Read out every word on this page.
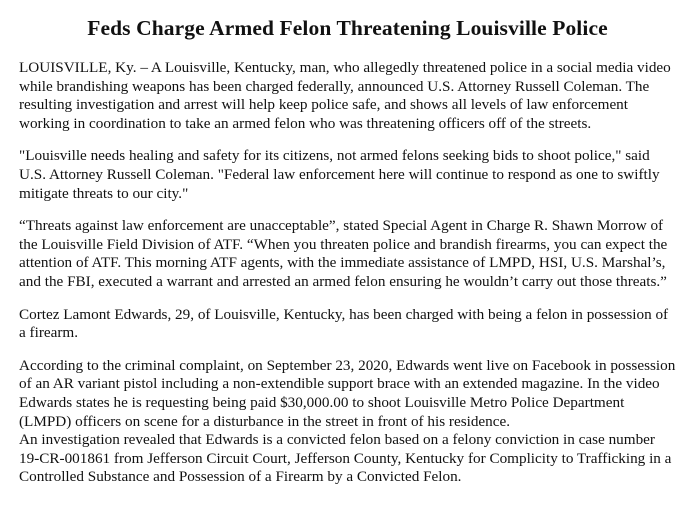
Feds Charge Armed Felon Threatening Louisville Police

LOUISVILLE, Ky. – A Louisville, Kentucky, man, who allegedly threatened police in a social media video while brandishing weapons has been charged federally, announced U.S. Attorney Russell Coleman. The resulting investigation and arrest will help keep police safe, and shows all levels of law enforcement working in coordination to take an armed felon who was threatening officers off of the streets.

"Louisville needs healing and safety for its citizens, not armed felons seeking bids to shoot police," said U.S. Attorney Russell Coleman. "Federal law enforcement here will continue to respond as one to swiftly mitigate threats to our city."

“Threats against law enforcement are unacceptable”, stated Special Agent in Charge R. Shawn Morrow of the Louisville Field Division of ATF. “When you threaten police and brandish firearms, you can expect the attention of ATF. This morning ATF agents, with the immediate assistance of LMPD, HSI, U.S. Marshal’s, and the FBI, executed a warrant and arrested an armed felon ensuring he wouldn’t carry out those threats.”

Cortez Lamont Edwards, 29, of Louisville, Kentucky, has been charged with being a felon in possession of a firearm.

According to the criminal complaint, on September 23, 2020, Edwards went live on Facebook in possession of an AR variant pistol including a non-extendible support brace with an extended magazine. In the video Edwards states he is requesting being paid $30,000.00 to shoot Louisville Metro Police Department (LMPD) officers on scene for a disturbance in the street in front of his residence.
An investigation revealed that Edwards is a convicted felon based on a felony conviction in case number 19-CR-001861 from Jefferson Circuit Court, Jefferson County, Kentucky for Complicity to Trafficking in a Controlled Substance and Possession of a Firearm by a Convicted Felon.
